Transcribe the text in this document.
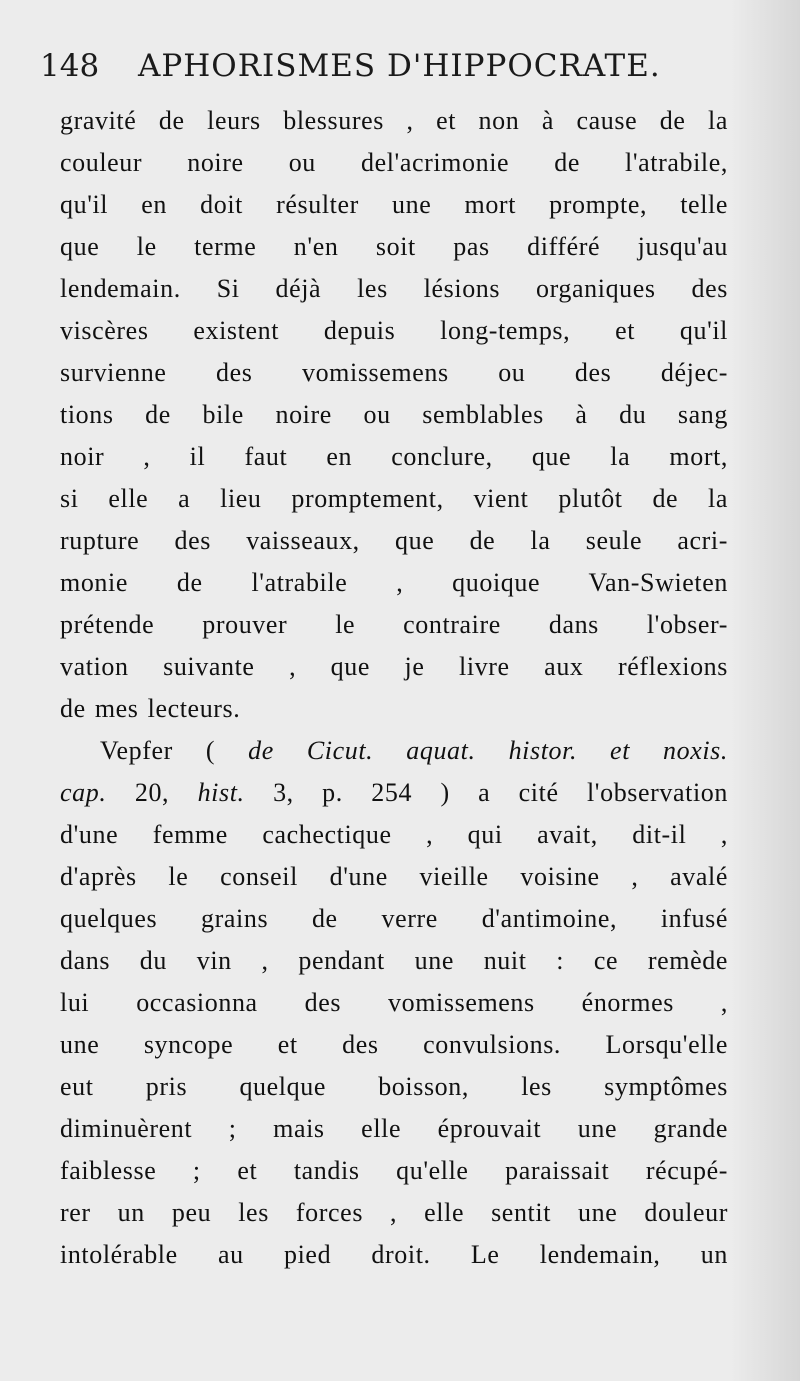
148 APHORISMES D'HIPPOCRATE.
gravité de leurs blessures , et non à cause de la
couleur noire ou del'acrimonie de l'atrabile,
qu'il en doit résulter une mort prompte, telle
que le terme n'en soit pas différé jusqu'au
lendemain. Si déjà les lésions organiques des
viscères existent depuis long-temps, et qu'il
survienne des vomissemens ou des déjec-
tions de bile noire ou semblables à du sang
noir , il faut en conclure, que la mort,
si elle a lieu promptement, vient plutôt de la
rupture des vaisseaux, que de la seule acri-
monie de l'atrabile , quoique Van-Swieten
prétende prouver le contraire dans l'obser-
vation suivante , que je livre aux réflexions
de mes lecteurs.
Vepfer ( de Cicut. aquat. histor. et noxis.
cap. 20, hist. 3, p. 254 ) a cité l'observation
d'une femme cachectique , qui avait, dit-il ,
d'après le conseil d'une vieille voisine , avalé
quelques grains de verre d'antimoine, infusé
dans du vin , pendant une nuit : ce remède
lui occasionna des vomissemens énormes ,
une syncope et des convulsions. Lorsqu'elle
eut pris quelque boisson, les symptômes
diminuèrent ; mais elle éprouvait une grande
faiblesse ; et tandis qu'elle paraissait récupé-
rer un peu les forces , elle sentit une douleur
intolérable au pied droit. Le lendemain, un
